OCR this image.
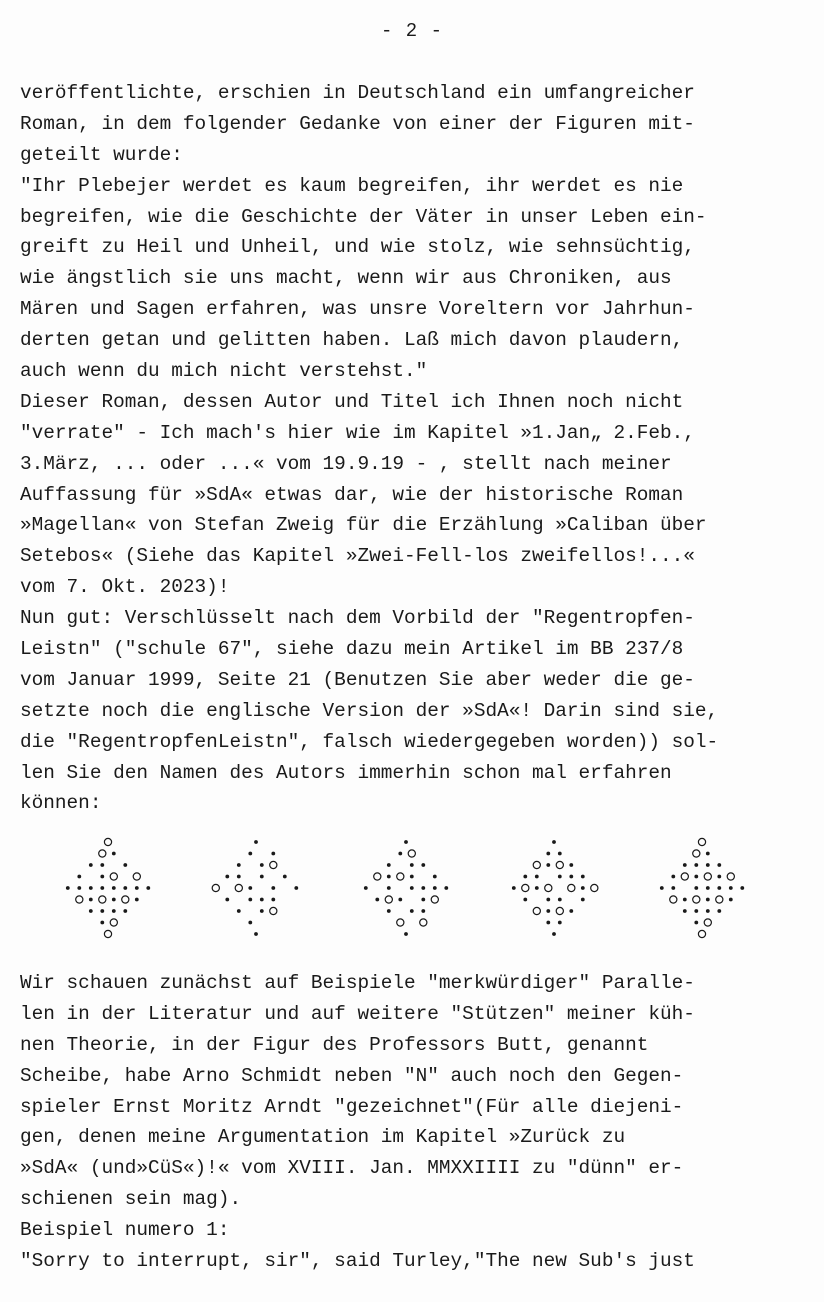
- 2 -
veröffentlichte, erschien in Deutschland ein umfangreicher
Roman, in dem folgender Gedanke von einer der Figuren mit-
geteilt wurde:
"Ihr Plebejer werdet es kaum begreifen, ihr werdet es nie
begreifen, wie die Geschichte der Väter in unser Leben ein-
greift zu Heil und Unheil, und wie stolz, wie sehnsüchtig,
wie ängstlich sie uns macht, wenn wir aus Chroniken, aus
Mären und Sagen erfahren, was unsre Voreltern vor Jahrhun-
derten getan und gelitten haben. Laß mich davon plaudern,
auch wenn du mich nicht verstehst."
Dieser Roman, dessen Autor und Titel ich Ihnen noch nicht
"verrate" - Ich mach's hier wie im Kapitel »1.Jan„ 2.Feb.,
3.März, ... oder ...« vom 19.9.19 - , stellt nach meiner
Auffassung für »SdA« etwas dar, wie der historische Roman
»Magellan« von Stefan Zweig für die Erzählung »Caliban über
Setebos« (Siehe das Kapitel »Zwei-Fell-los zweifellos!...«
vom 7. Okt. 2023)!
Nun gut: Verschlüsselt nach dem Vorbild der "Regentropfen-
Leistn" ("schule 67", siehe dazu mein Artikel im BB 237/8
vom Januar 1999, Seite 21 (Benutzen Sie aber weder die ge-
setzte noch die englische Version der »SdA«! Darin sind sie,
die "RegentropfenLeistn", falsch wiedergegeben worden)) sol-
len Sie den Namen des Autors immerhin schon mal erfahren
können:
Wir schauen zunächst auf Beispiele "merkwürdiger" Paralle-
len in der Literatur und auf weitere "Stützen" meiner küh-
nen Theorie, in der Figur des Professors Butt, genannt
Scheibe, habe Arno Schmidt neben "N" auch noch den Gegen-
spieler Ernst Moritz Arndt "gezeichnet"(Für alle diejeni-
gen, denen meine Argumentation im Kapitel »Zurück zu
»SdA« (und»CüS«)!« vom XVIII. Jan. MMXXIIII zu "dünn" er-
schienen sein mag).
Beispiel numero 1:
"Sorry to interrupt, sir", said Turley,"The new Sub's just
